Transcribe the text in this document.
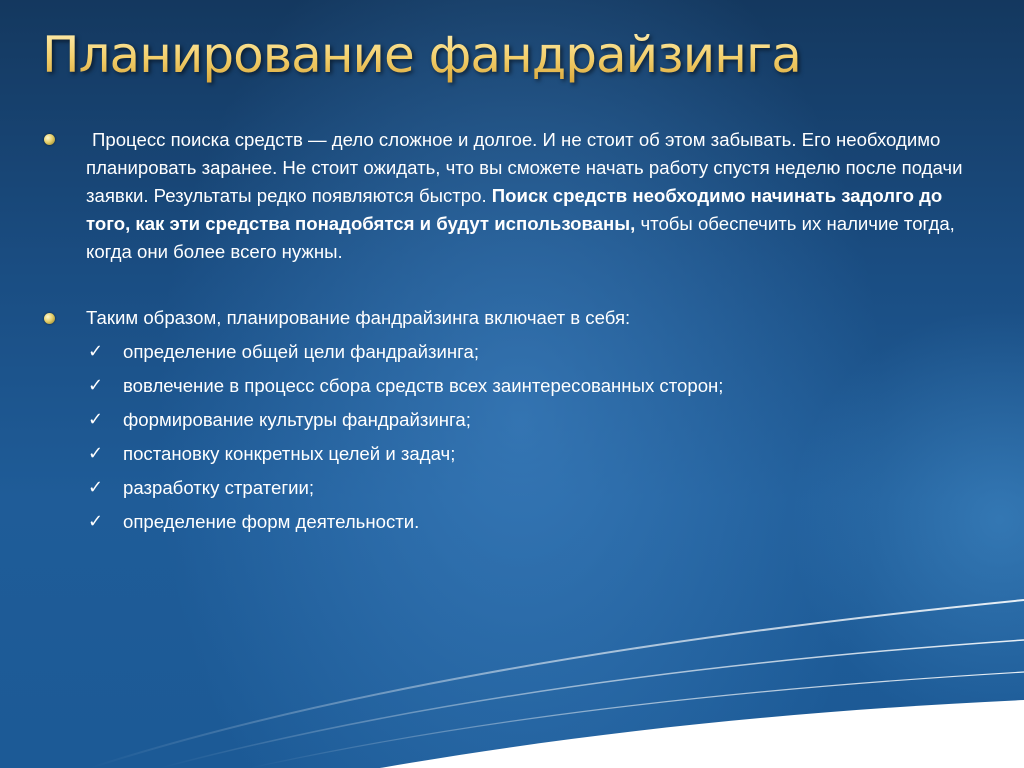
Планирование фандрайзинга

Процесс поиска средств — дело сложное и долгое. И не стоит об этом забывать. Его необходимо планировать заранее. Не стоит ожидать, что вы сможете начать работу спустя неделю после подачи заявки. Результаты редко появляются быстро. Поиск средств необходимо начинать задолго до того, как эти средства понадобятся и будут использованы, чтобы обеспечить их наличие тогда, когда они более всего нужны.

Таким образом, планирование фандрайзинга включает в себя:

✓ определение общей цели фандрайзинга;
✓ вовлечение в процесс сбора средств всех заинтересованных сторон;
✓ формирование культуры фандрайзинга;
✓ постановку конкретных целей и задач;
✓ разработку стратегии;
✓ определение форм деятельности.
